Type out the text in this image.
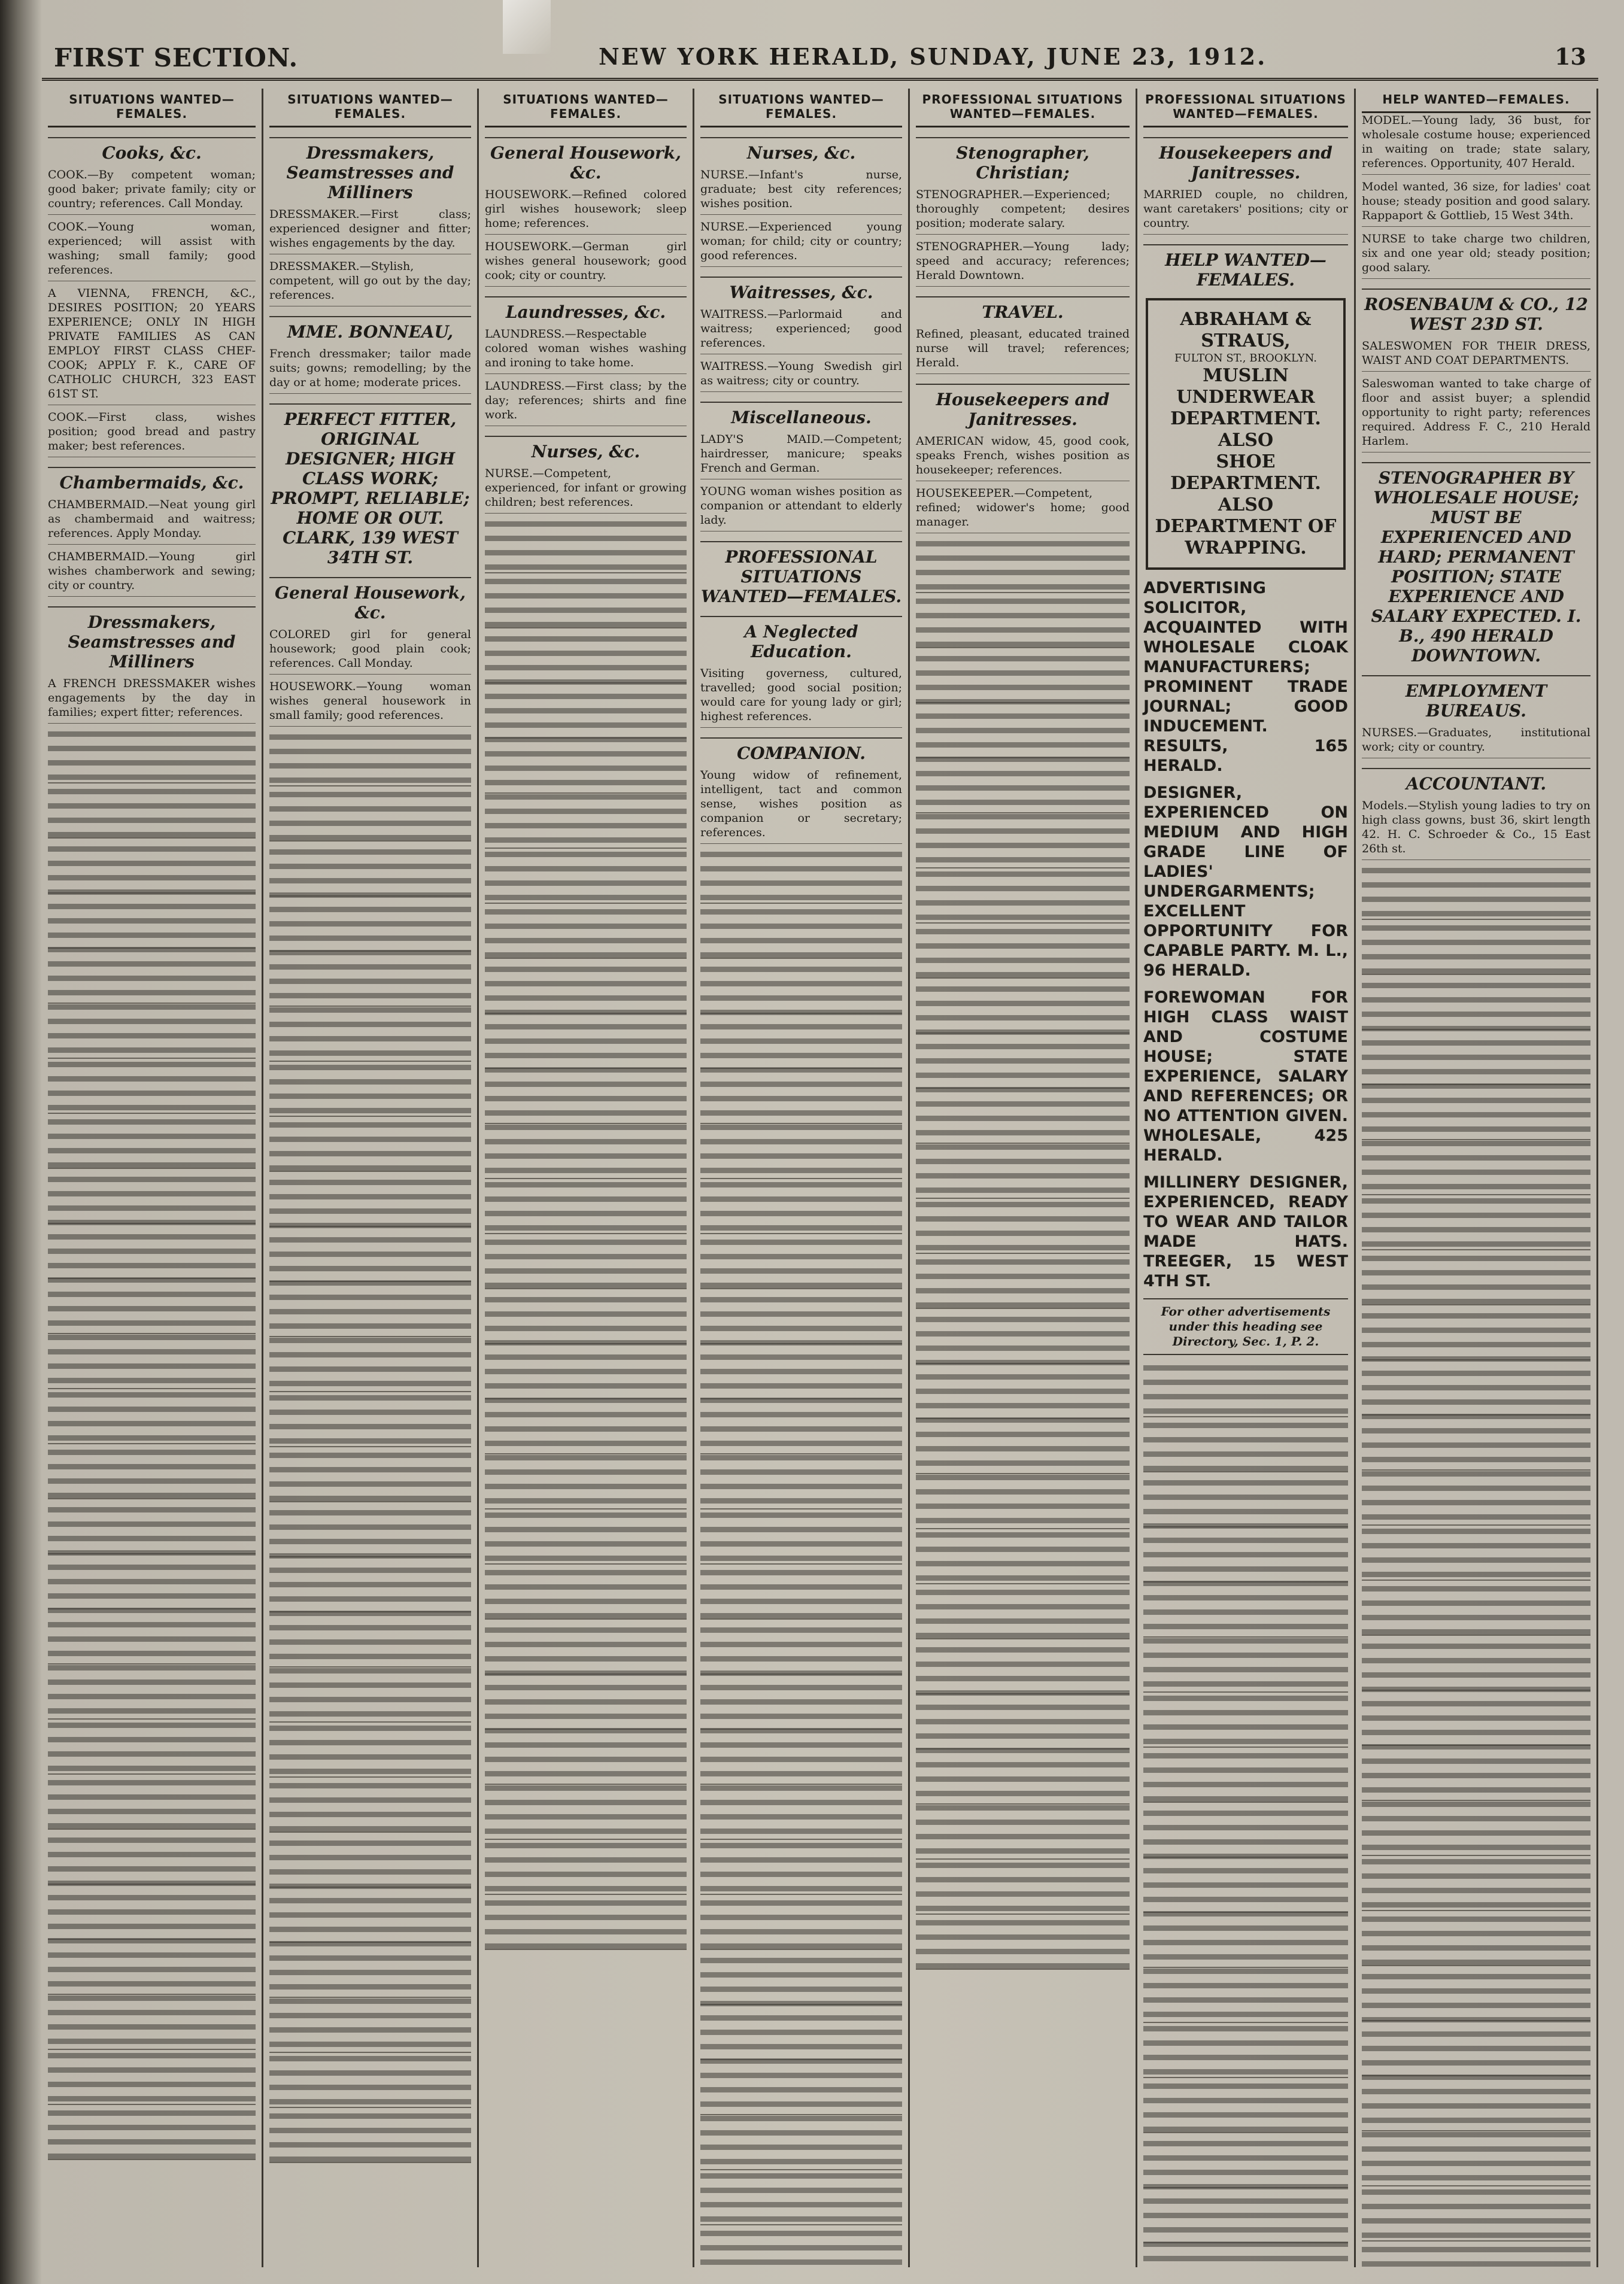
FIRST SECTION.	NEW YORK HERALD, SUNDAY, JUNE 23, 1912.	13
SITUATIONS WANTED—FEMALES.
Cooks, &c.

COOK.—By competent woman; good baker; private family; city or country; references. Call Monday.

COOK.—Young woman, experienced; will assist with washing; small family; good references.

A VIENNA, FRENCH, &C., DESIRES POSITION; 20 YEARS EXPERIENCE; ONLY IN HIGH PRIVATE FAMILIES AS CAN EMPLOY FIRST CLASS CHEF-COOK; APPLY F. K., CARE OF CATHOLIC CHURCH, 323 EAST 61ST ST.

COOK.—First class, wishes position; good bread and pastry maker; best references.

Chambermaids, &c.

CHAMBERMAID.—Neat young girl as chambermaid and waitress; references. Apply Monday.

CHAMBERMAID.—Young girl wishes chamberwork and sewing; city or country.

Dressmakers, Seamstresses and Milliners

A FRENCH DRESSMAKER wishes engagements by the day in families; expert fitter; references.

SITUATIONS WANTED—FEMALES.
Dressmakers, Seamstresses and Milliners

DRESSMAKER.—First class; experienced designer and fitter; wishes engagements by the day.

DRESSMAKER.—Stylish, competent, will go out by the day; references.

MME. BONNEAU,

French dressmaker; tailor made suits; gowns; remodelling; by the day or at home; moderate prices.

PERFECT FITTER, ORIGINAL DESIGNER; HIGH CLASS WORK; PROMPT, RELIABLE; HOME OR OUT. CLARK, 139 WEST 34TH ST.
General Housework, &c.

COLORED girl for general housework; good plain cook; references. Call Monday.

HOUSEWORK.—Young woman wishes general housework in small family; good references.

SITUATIONS WANTED—FEMALES.
General Housework, &c.

HOUSEWORK.—Refined colored girl wishes housework; sleep home; references.

HOUSEWORK.—German girl wishes general housework; good cook; city or country.

Laundresses, &c.

LAUNDRESS.—Respectable colored woman wishes washing and ironing to take home.

LAUNDRESS.—First class; by the day; references; shirts and fine work.

Nurses, &c.

NURSE.—Competent, experienced, for infant or growing children; best references.

SITUATIONS WANTED—FEMALES.
Nurses, &c.

NURSE.—Infant's nurse, graduate; best city references; wishes position.

NURSE.—Experienced young woman; for child; city or country; good references.

Waitresses, &c.

WAITRESS.—Parlormaid and waitress; experienced; good references.

WAITRESS.—Young Swedish girl as waitress; city or country.

Miscellaneous.

LADY'S MAID.—Competent; hairdresser, manicure; speaks French and German.

YOUNG woman wishes position as companion or attendant to elderly lady.

PROFESSIONAL SITUATIONS WANTED—FEMALES.
A Neglected Education.

Visiting governess, cultured, travelled; good social position; would care for young lady or girl; highest references.

COMPANION.

Young widow of refinement, intelligent, tact and common sense, wishes position as companion or secretary; references.

PROFESSIONAL SITUATIONS WANTED—FEMALES.
Stenographer, Christian;

STENOGRAPHER.—Experienced; thoroughly competent; desires position; moderate salary.

STENOGRAPHER.—Young lady; speed and accuracy; references; Herald Downtown.

TRAVEL.

Refined, pleasant, educated trained nurse will travel; references; Herald.

Housekeepers and Janitresses.

AMERICAN widow, 45, good cook, speaks French, wishes position as housekeeper; references.

HOUSEKEEPER.—Competent, refined; widower's home; good manager.

PROFESSIONAL SITUATIONS WANTED—FEMALES.
Housekeepers and Janitresses.

MARRIED couple, no children, want caretakers' positions; city or country.

HELP WANTED—FEMALES.
ABRAHAM & STRAUS,
FULTON ST., BROOKLYN.
MUSLIN UNDERWEAR DEPARTMENT.
ALSO
SHOE DEPARTMENT.
ALSO
DEPARTMENT OF WRAPPING.

ADVERTISING SOLICITOR, ACQUAINTED WITH WHOLESALE CLOAK MANUFACTURERS; PROMINENT TRADE JOURNAL; GOOD INDUCEMENT. RESULTS, 165 HERALD.

DESIGNER, EXPERIENCED ON MEDIUM AND HIGH GRADE LINE OF LADIES' UNDERGARMENTS; EXCELLENT OPPORTUNITY FOR CAPABLE PARTY. M. L., 96 HERALD.

FOREWOMAN FOR HIGH CLASS WAIST AND COSTUME HOUSE; STATE EXPERIENCE, SALARY AND REFERENCES; OR NO ATTENTION GIVEN. WHOLESALE, 425 HERALD.

MILLINERY DESIGNER, EXPERIENCED, READY TO WEAR AND TAILOR MADE HATS. TREEGER, 15 WEST 4TH ST.

For other advertisements under this heading see Directory, Sec. 1, P. 2.
HELP WANTED—FEMALES.

MODEL.—Young lady, 36 bust, for wholesale costume house; experienced in waiting on trade; state salary, references. Opportunity, 407 Herald.

Model wanted, 36 size, for ladies' coat house; steady position and good salary. Rappaport & Gottlieb, 15 West 34th.

NURSE to take charge two children, six and one year old; steady position; good salary.

ROSENBAUM & CO., 12 WEST 23D ST.

SALESWOMEN FOR THEIR DRESS, WAIST AND COAT DEPARTMENTS.

Saleswoman wanted to take charge of floor and assist buyer; a splendid opportunity to right party; references required. Address F. C., 210 Herald Harlem.

STENOGRAPHER BY WHOLESALE HOUSE; MUST BE EXPERIENCED AND HARD; PERMANENT POSITION; STATE EXPERIENCE AND SALARY EXPECTED. I. B., 490 HERALD DOWNTOWN.
EMPLOYMENT BUREAUS.

NURSES.—Graduates, institutional work; city or country.

ACCOUNTANT.

Models.—Stylish young ladies to try on high class gowns, bust 36, skirt length 42. H. C. Schroeder & Co., 15 East 26th st.
